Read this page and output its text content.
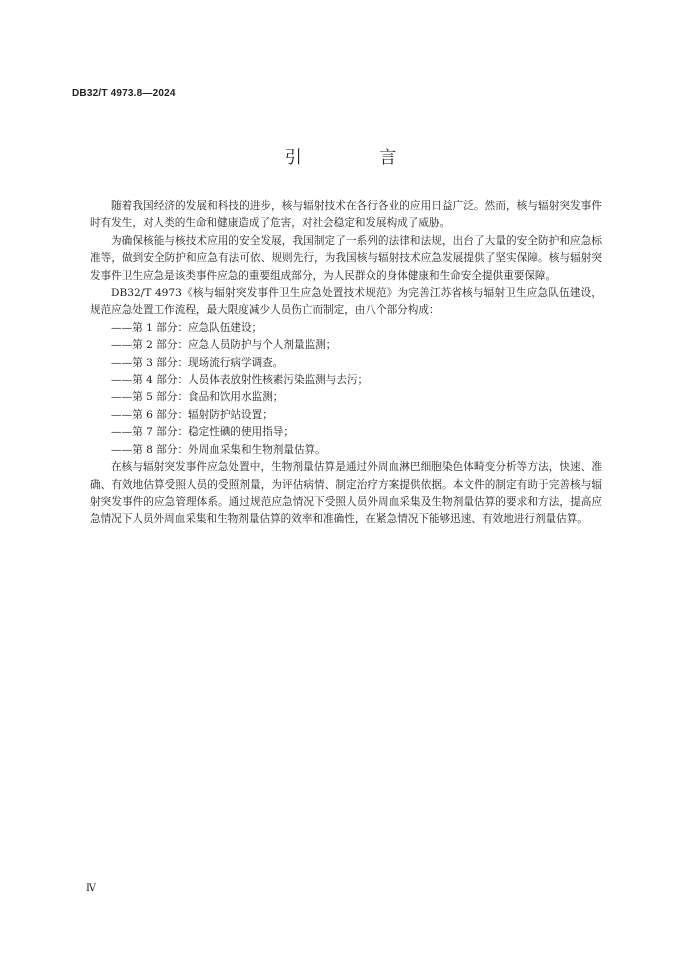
DB32/T 4973.8—2024
引 言

随着我国经济的发展和科技的进步，核与辐射技术在各行各业的应用日益广泛。然而，核与辐射突发事件时有发生，对人类的生命和健康造成了危害，对社会稳定和发展构成了威胁。

为确保核能与核技术应用的安全发展，我国制定了一系列的法律和法规，出台了大量的安全防护和应急标准等，做到安全防护和应急有法可依、规则先行，为我国核与辐射技术应急发展提供了坚实保障。核与辐射突发事件卫生应急是该类事件应急的重要组成部分，为人民群众的身体健康和生命安全提供重要保障。

DB32/T 4973《核与辐射突发事件卫生应急处置技术规范》为完善江苏省核与辐射卫生应急队伍建设，规范应急处置工作流程，最大限度减少人员伤亡而制定，由八个部分构成：

——第 1 部分：应急队伍建设；
——第 2 部分：应急人员防护与个人剂量监测；
——第 3 部分：现场流行病学调查。
——第 4 部分：人员体表放射性核素污染监测与去污；
——第 5 部分：食品和饮用水监测；
——第 6 部分：辐射防护站设置；
——第 7 部分：稳定性碘的使用指导；
——第 8 部分：外周血采集和生物剂量估算。

在核与辐射突发事件应急处置中，生物剂量估算是通过外周血淋巴细胞染色体畸变分析等方法，快速、准确、有效地估算受照人员的受照剂量，为评估病情、制定治疗方案提供依据。本文件的制定有助于完善核与辐射突发事件的应急管理体系。通过规范应急情况下受照人员外周血采集及生物剂量估算的要求和方法，提高应急情况下人员外周血采集和生物剂量估算的效率和准确性，在紧急情况下能够迅速、有效地进行剂量估算。

Ⅳ
